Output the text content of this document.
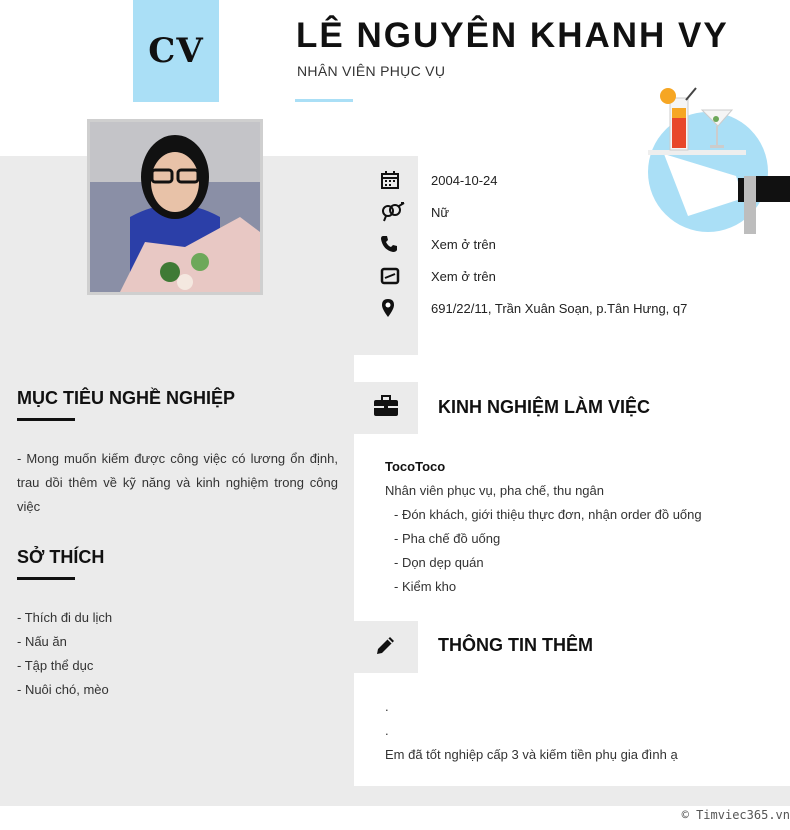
CV	LÊ NGUYÊN KHANH VY
NHÂN VIÊN PHỤC VỤ
2004-10-24
Nữ
Xem ở trên
Xem ở trên
691/22/11, Trần Xuân Soạn, p.Tân Hưng, q7
MỤC TIÊU NGHỀ NGHIỆP
- Mong muốn kiếm được công việc có lương ổn định, trau dồi thêm về kỹ năng và kinh nghiệm trong công việc
SỞ THÍCH
- Thích đi du lịch
- Nấu ăn
- Tập thể dục
- Nuôi chó, mèo
KINH NGHIỆM LÀM VIỆC
TocoToco
Nhân viên phục vụ, pha chế, thu ngân
- Đón khách, giới thiệu thực đơn, nhận order đồ uống
- Pha chế đồ uống
- Dọn dẹp quán
- Kiểm kho
THÔNG TIN THÊM
.
.
Em đã tốt nghiệp cấp 3 và kiếm tiền phụ gia đình ạ
© Timviec365.vn
